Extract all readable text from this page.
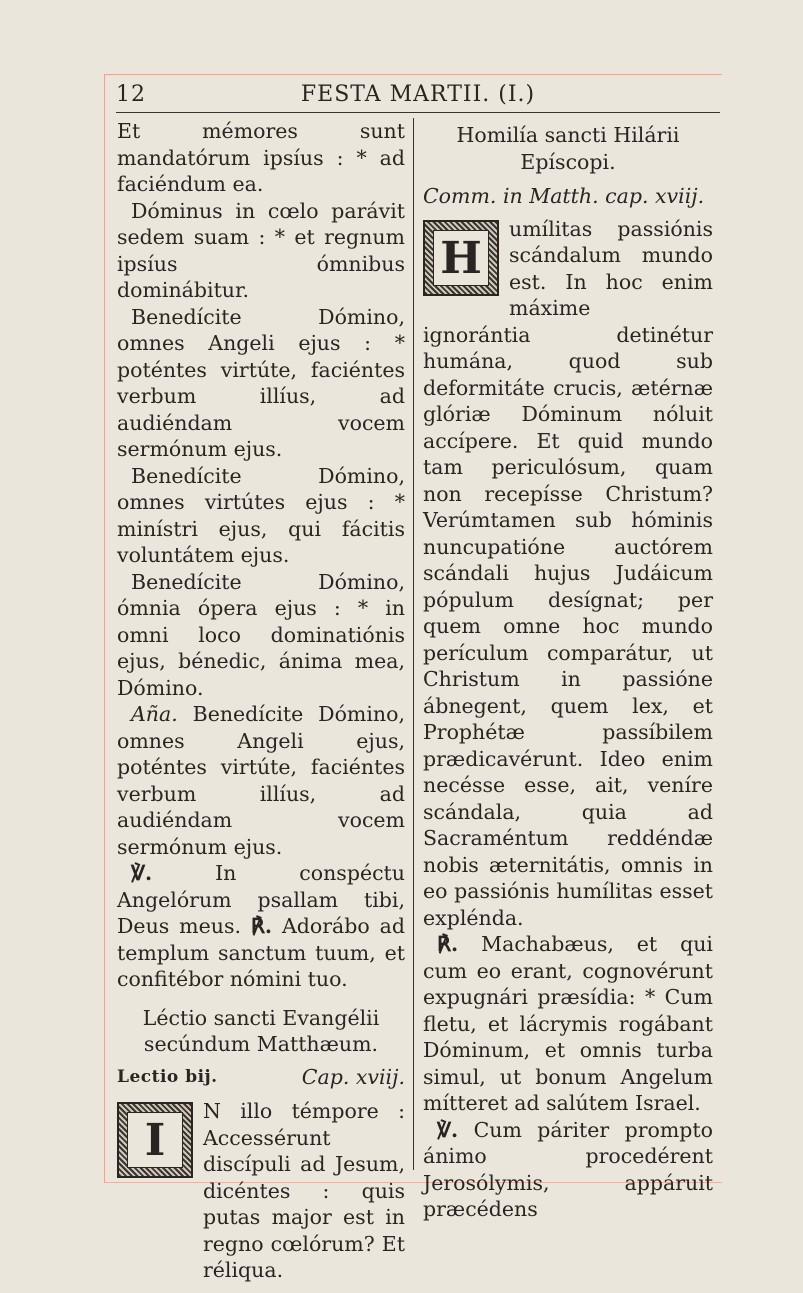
12	FESTA MARTII. (I.)

Et mémores sunt mandatórum ipsíus : * ad faciéndum ea.

Dóminus in cœlo parávit sedem suam : * et regnum ipsíus ómnibus dominábitur.

Benedícite Dómino, omnes Angeli ejus : * poténtes virtúte, faciéntes verbum illíus, ad audiéndam vocem sermónum ejus.

Benedícite Dómino, omnes virtútes ejus : * minístri ejus, qui fácitis voluntátem ejus.

Benedícite Dómino, ómnia ópera ejus : * in omni loco dominatiónis ejus, bénedic, ánima mea, Dómino.

Aña. Benedícite Dómino, omnes Angeli ejus, poténtes virtúte, faciéntes verbum illíus, ad audiéndam vocem sermónum ejus.

℣.	In conspéctu Angelórum psallam tibi, Deus meus. ℟. Adorábo ad templum sanctum tuum, et confitébor nómini tuo.

Léctio sancti Evangélii secúndum Matthæum.
Lectio bij.	Cap. xviij.
I
N illo témpore : Accessérunt discípuli ad Jesum, dicéntes : quis putas major est in regno cœlórum? Et réliqua.
Homilía sancti Hilárii Epíscopi.
Comm. in Matth. cap. xviij.
H
umílitas passiónis scándalum mundo est. In hoc enim máxime

ignorántia detinétur humána, quod sub deformitáte crucis, ætérnæ glóriæ Dóminum nóluit accípere. Et quid mundo tam periculósum, quam non recepísse Christum? Verúmtamen sub hóminis nuncupatióne auctórem scándali hujus Judáicum pópulum desígnat; per quem omne hoc mundo perículum comparátur, ut Christum in passióne ábnegent, quem lex, et Prophétæ passíbilem prædicavérunt. Ideo enim necésse esse, ait, veníre scándala, quia ad Sacraméntum reddéndæ nobis æternitátis, omnis in eo passiónis humílitas esset explénda.

℟. Machabæus, et qui cum eo erant, cognovérunt expugnári præsídia: * Cum fletu, et lácrymis rogábant Dóminum, et omnis turba simul, ut bonum Angelum mítteret ad salútem Israel.

℣. Cum páriter prompto ánimo procedérent Jerosólymis, appáruit præcédens
